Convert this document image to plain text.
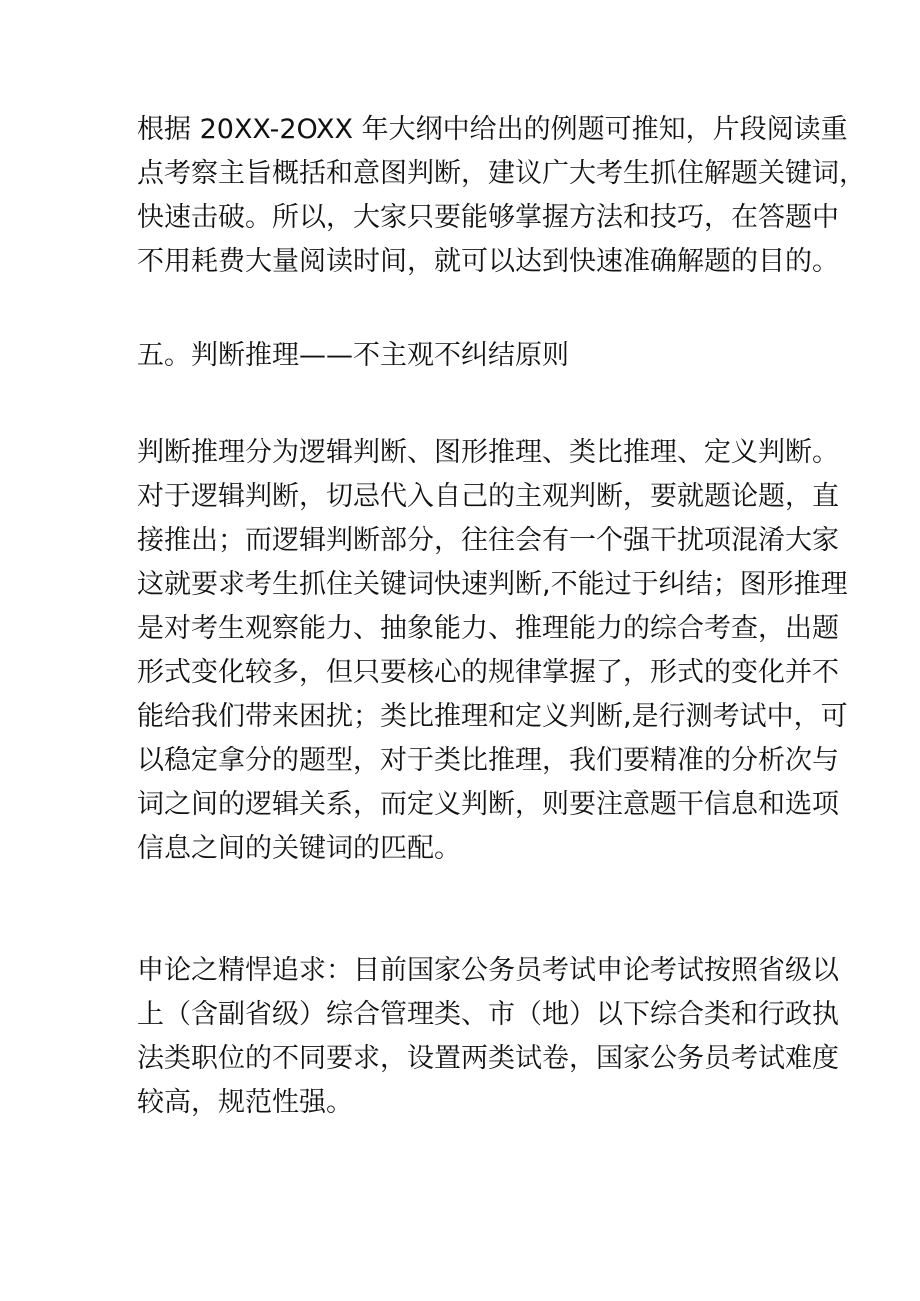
根据 20XX-2OXX 年大纲中给出的例题可推知，片段阅读重
点考察主旨概括和意图判断，建议广大考生抓住解题关键词，
快速击破。所以，大家只要能够掌握方法和技巧，在答题中
不用耗费大量阅读时间，就可以达到快速准确解题的目的。
五。判断推理——不主观不纠结原则
判断推理分为逻辑判断、图形推理、类比推理、定义判断。
对于逻辑判断，切忌代入自己的主观判断，要就题论题，直
接推出；而逻辑判断部分，往往会有一个强干扰项混淆大家
这就要求考生抓住关键词快速判断,不能过于纠结；图形推理
是对考生观察能力、抽象能力、推理能力的综合考查，出题
形式变化较多，但只要核心的规律掌握了，形式的变化并不
能给我们带来困扰；类比推理和定义判断,是行测考试中，可
以稳定拿分的题型，对于类比推理，我们要精准的分析次与
词之间的逻辑关系，而定义判断，则要注意题干信息和选项
信息之间的关键词的匹配。
申论之精悍追求：目前国家公务员考试申论考试按照省级以
上（含副省级）综合管理类、市（地）以下综合类和行政执
法类职位的不同要求，设置两类试卷，国家公务员考试难度
较高，规范性强。
